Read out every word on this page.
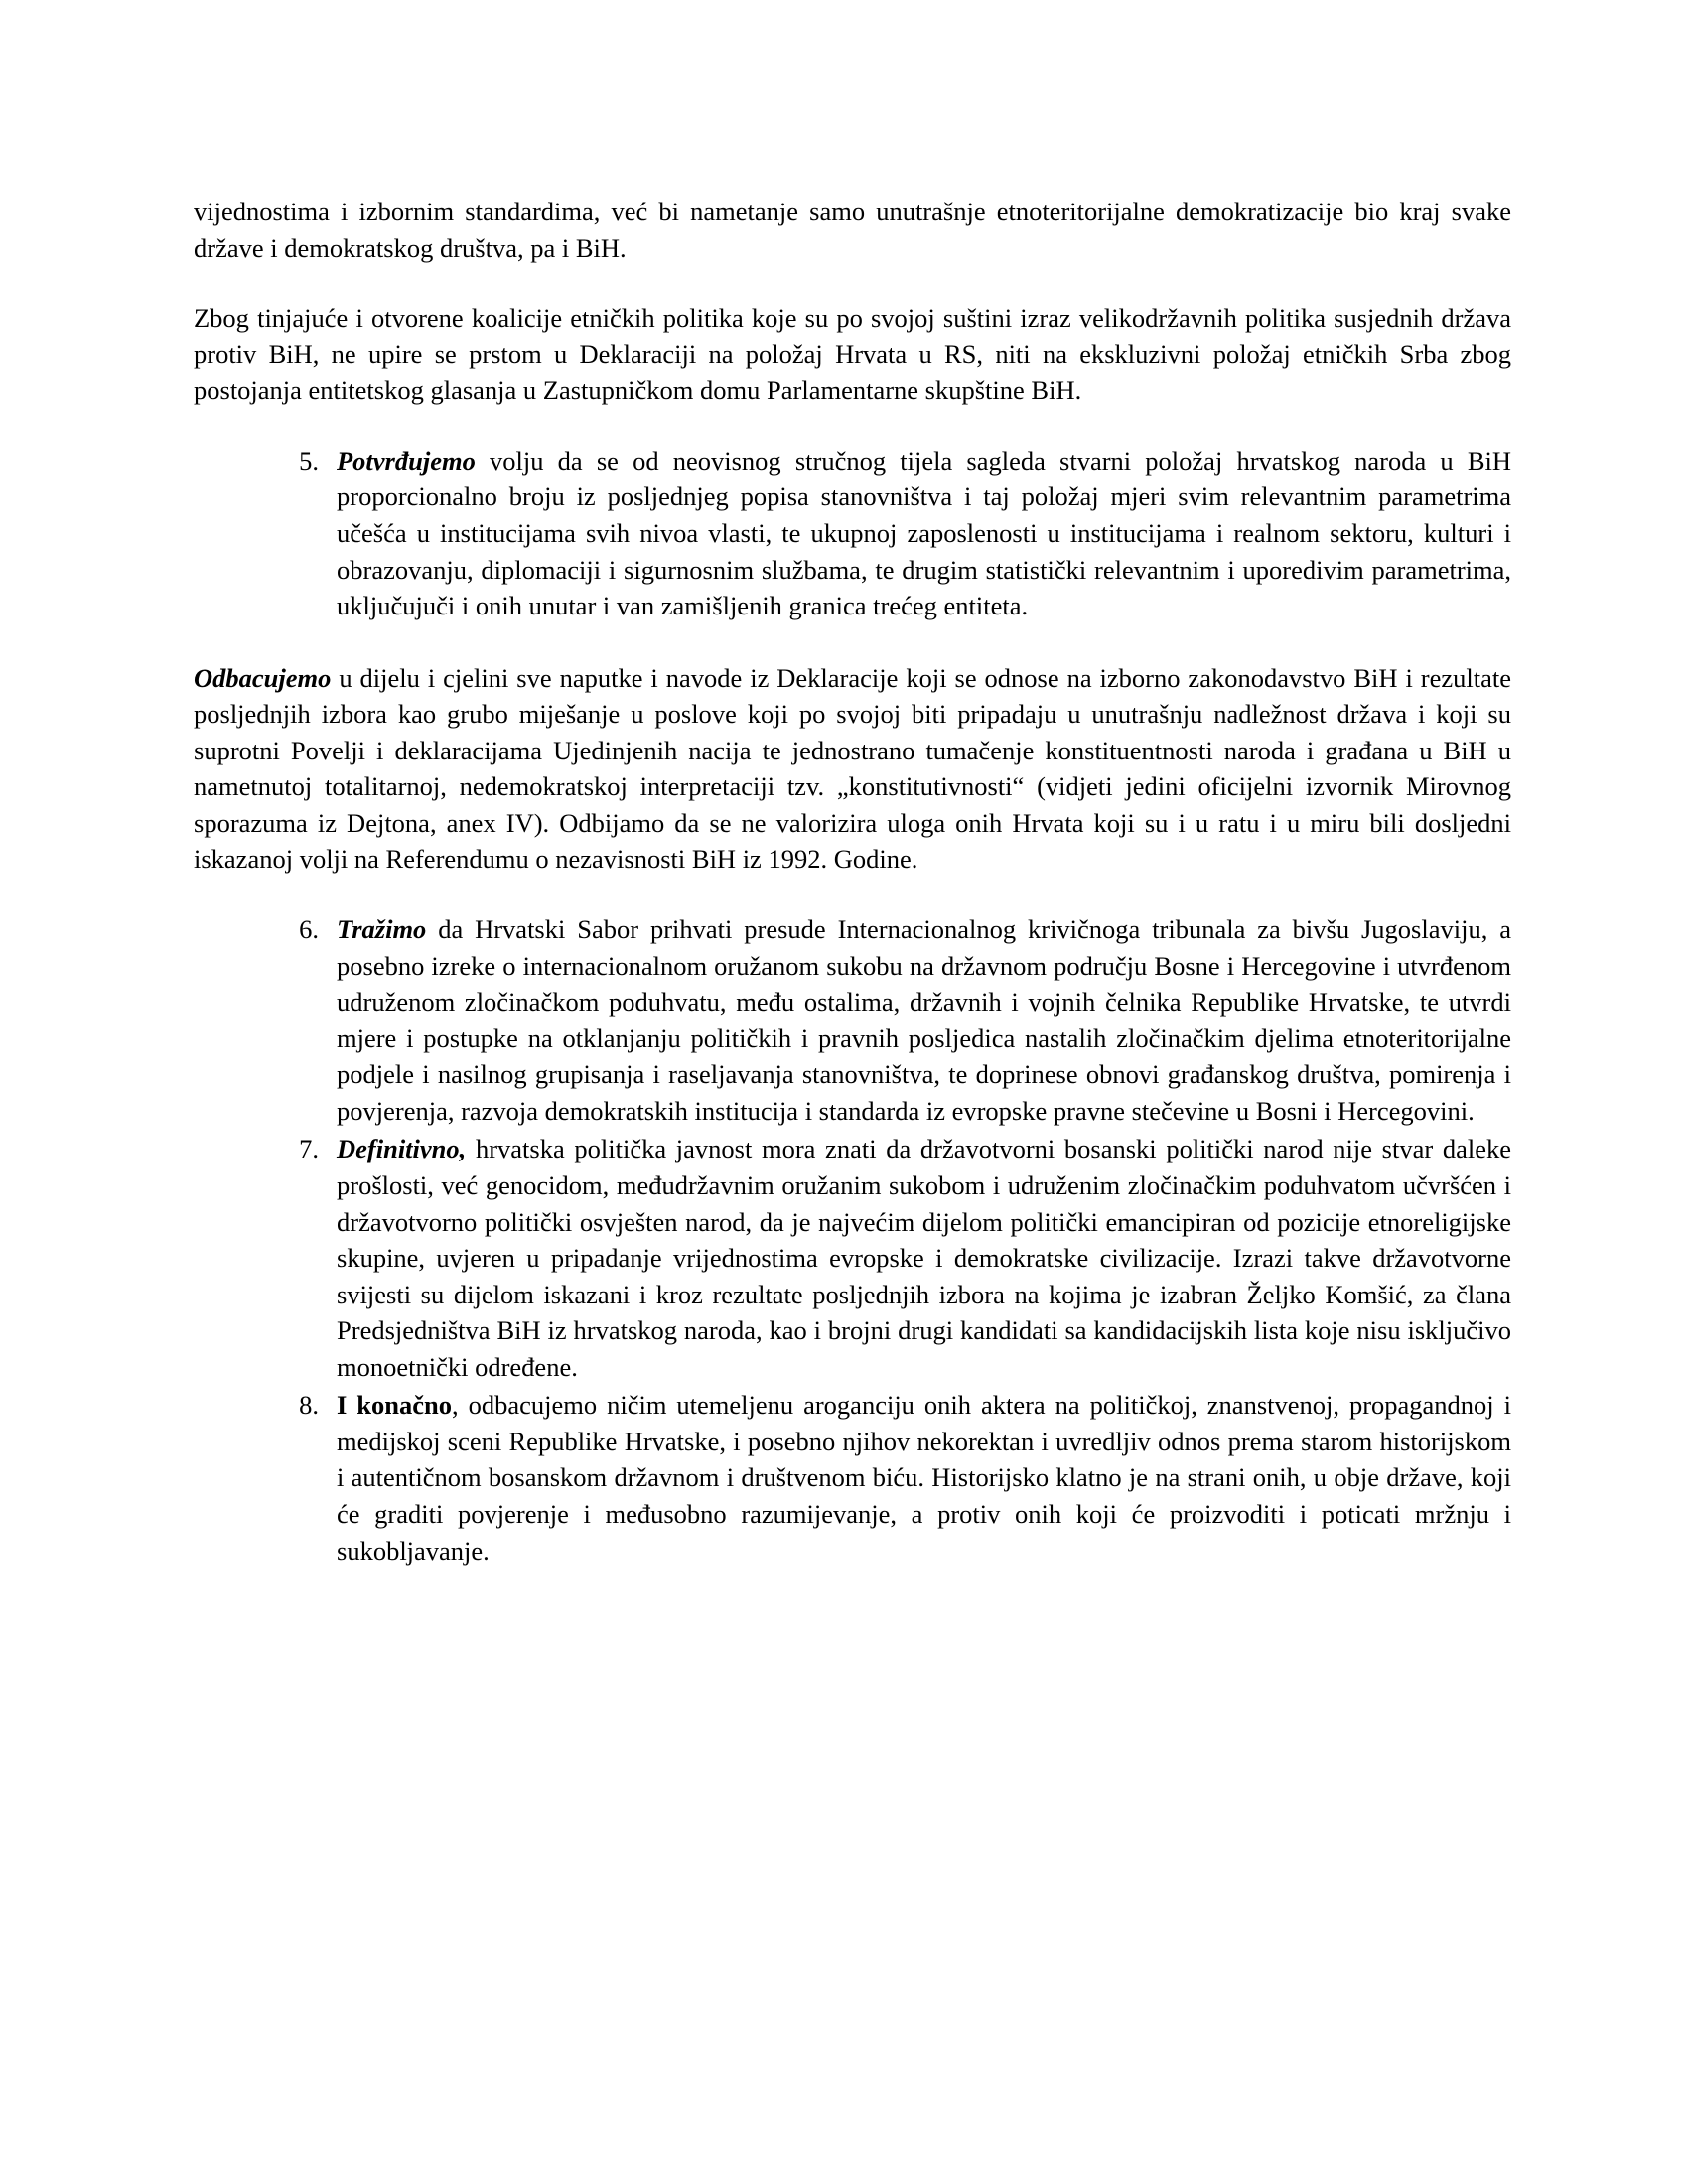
vijednostima i izbornim standardima, već bi nametanje samo unutrašnje etnoteritorijalne demokratizacije bio kraj svake države i demokratskog društva, pa i BiH.

Zbog tinjajuće i otvorene koalicije etničkih politika koje su po svojoj suštini izraz velikodržavnih politika susjednih država protiv BiH, ne upire se prstom u Deklaraciji na položaj Hrvata u RS, niti na ekskluzivni položaj etničkih Srba zbog postojanja entitetskog glasanja u Zastupničkom domu Parlamentarne skupštine BiH.

5. Potvrđujemo volju da se od neovisnog stručnog tijela sagleda stvarni položaj hrvatskog naroda u BiH proporcionalno broju iz posljednjeg popisa stanovništva i taj položaj mjeri svim relevantnim parametrima učešća u institucijama svih nivoa vlasti, te ukupnoj zaposlenosti u institucijama i realnom sektoru, kulturi i obrazovanju, diplomaciji i sigurnosnim službama, te drugim statistički relevantnim i uporedivim parametrima, uključujuči i onih unutar i van zamišljenih granica trećeg entiteta.

Odbacujemo u dijelu i cjelini sve naputke i navode iz Deklaracije koji se odnose na izborno zakonodavstvo BiH i rezultate posljednjih izbora kao grubo miješanje u poslove koji po svojoj biti pripadaju u unutrašnju nadležnost država i koji su suprotni Povelji i deklaracijama Ujedinjenih nacija te jednostrano tumačenje konstituentnosti naroda i građana u BiH u nametnutoj totalitarnoj, nedemokratskoj interpretaciji tzv. „konstitutivnosti“ (vidjeti jedini oficijelni izvornik Mirovnog sporazuma iz Dejtona, anex IV). Odbijamo da se ne valorizira uloga onih Hrvata koji su i u ratu i u miru bili dosljedni iskazanoj volji na Referendumu o nezavisnosti BiH iz 1992. Godine.

6. Tražimo da Hrvatski Sabor prihvati presude Internacionalnog krivičnoga tribunala za bivšu Jugoslaviju, a posebno izreke o internacionalnom oružanom sukobu na državnom području Bosne i Hercegovine i utvrđenom udruženom zločinačkom poduhvatu, među ostalima, državnih i vojnih čelnika Republike Hrvatske, te utvrdi mjere i postupke na otklanjanju političkih i pravnih posljedica nastalih zločinačkim djelima etnoteritorijalne podjele i nasilnog grupisanja i raseljavanja stanovništva, te doprinese obnovi građanskog društva, pomirenja i povjerenja, razvoja demokratskih institucija i standarda iz evropske pravne stečevine u Bosni i Hercegovini.
7. Definitivno, hrvatska politička javnost mora znati da državotvorni bosanski politički narod nije stvar daleke prošlosti, već genocidom, međudržavnim oružanim sukobom i udruženim zločinačkim poduhvatom učvršćen i državotvorno politički osvješten narod, da je najvećim dijelom politički emancipiran od pozicije etnoreligijske skupine, uvjeren u pripadanje vrijednostima evropske i demokratske civilizacije. Izrazi takve državotvorne svijesti su dijelom iskazani i kroz rezultate posljednjih izbora na kojima je izabran Željko Komšić, za člana Predsjedništva BiH iz hrvatskog naroda, kao i brojni drugi kandidati sa kandidacijskih lista koje nisu isključivo monoetnički određene.
8. I konačno, odbacujemo ničim utemeljenu aroganciju onih aktera na političkoj, znanstvenoj, propagandnoj i medijskoj sceni Republike Hrvatske, i posebno njihov nekorektan i uvredljiv odnos prema starom historijskom i autentičnom bosanskom državnom i društvenom biću. Historijsko klatno je na strani onih, u obje države, koji će graditi povjerenje i međusobno razumijevanje, a protiv onih koji će proizvoditi i poticati mržnju i sukobljavanje.
